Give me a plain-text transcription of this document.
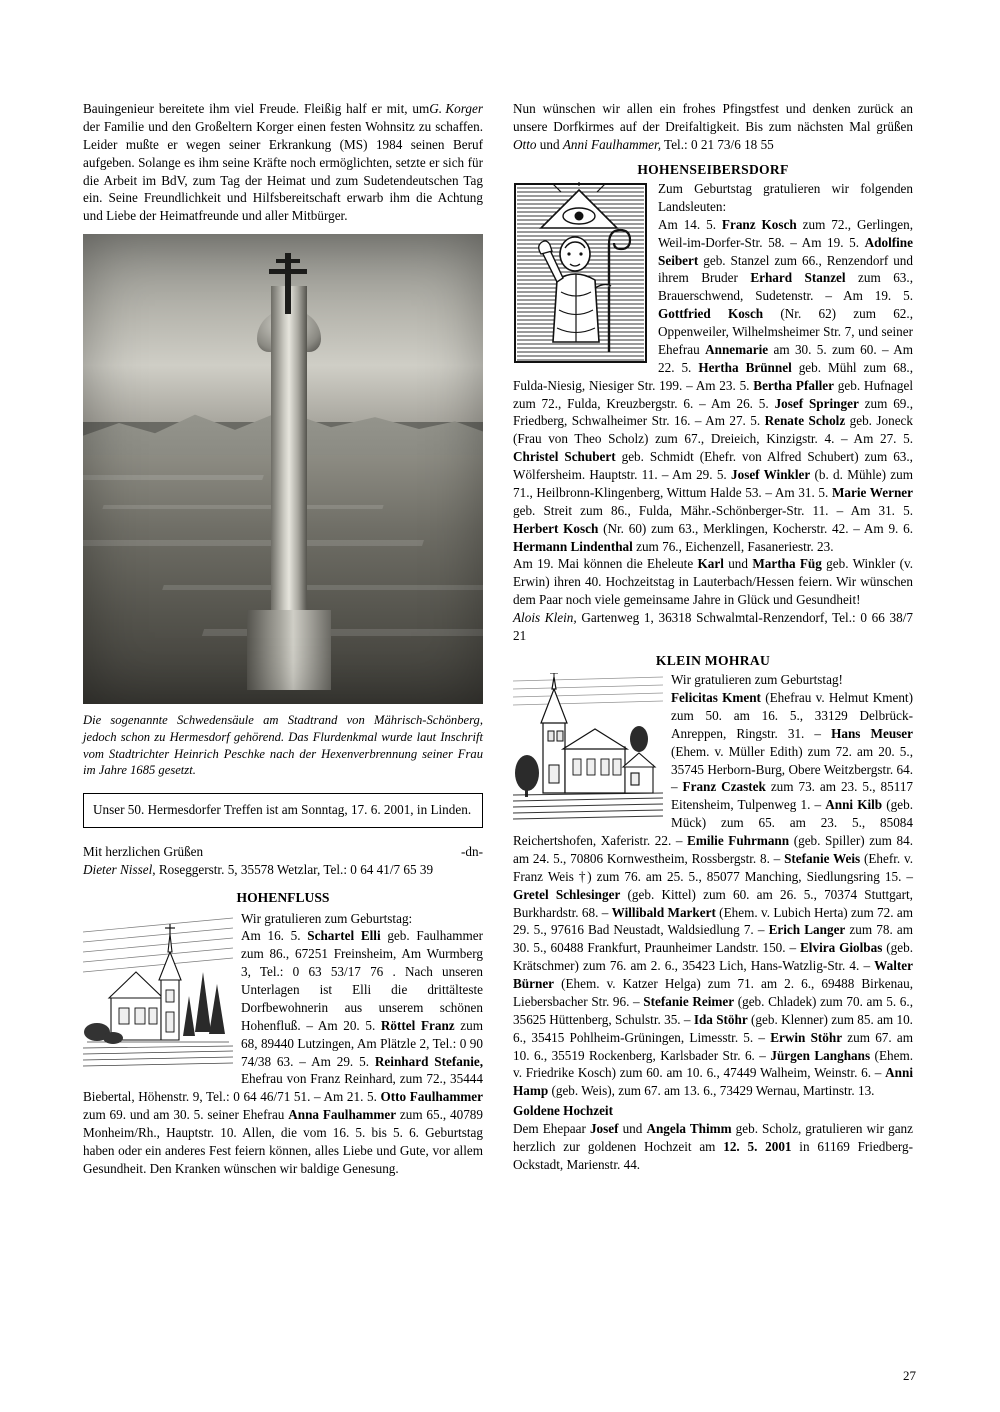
G. Korger
Bauingenieur bereitete ihm viel Freude. Fleißig half er mit, um der Familie und den Großeltern Korger einen festen Wohnsitz zu schaffen. Leider mußte er wegen seiner Erkrankung (MS) 1984 seinen Beruf aufgeben. Solange es ihm seine Kräfte noch ermöglichten, setzte er sich für die Arbeit im BdV, zum Tag der Heimat und zum Sudetendeutschen Tag ein. Seine Freundlichkeit und Hilfsbereitschaft erwarb ihm die Achtung und Liebe der Heimatfreunde und aller Mitbürger.

Die sogenannte Schwedensäule am Stadtrand von Mährisch-Schönberg, jedoch schon zu Hermesdorf gehörend. Das Flurdenkmal wurde laut Inschrift vom Stadtrichter Heinrich Peschke nach der Hexenverbrennung seiner Frau im Jahre 1685 gesetzt.

Unser 50. Hermesdorfer Treffen ist am Sonntag, 17. 6. 2001, in Linden.

-dn-
Mit herzlichen Grüßen

Dieter Nissel, Roseggerstr. 5, 35578 Wetzlar, Tel.: 0 64 41/7 65 39

HOHENFLUSS
Wir gratulieren zum Geburtstag:
Am 16. 5. Schartel Elli geb. Faulhammer zum 86., 67251 Freinsheim, Am Wurmberg 3, Tel.: 0 63 53/17 76 . Nach unseren Unterlagen ist Elli die drittälteste Dorfbewohnerin aus unserem schönen Hohenfluß. – Am 20. 5. Röttel Franz zum 68, 89440 Lutzingen, Am Plätzle 2, Tel.: 0 90 74/38 63. – Am 29. 5. Reinhard Stefanie, Ehefrau von Franz Reinhard, zum 72., 35444 Biebertal, Höhenstr. 9, Tel.: 0 64 46/71 51. – Am 21. 5. Otto Faulhammer zum 69. und am 30. 5. seiner Ehefrau Anna Faulhammer zum 65., 40789 Monheim/Rh., Hauptstr. 10. Allen, die vom 16. 5. bis 5. 6. Geburtstag haben oder ein anderes Fest feiern können, alles Liebe und Gute, vor allem Gesundheit. Den Kranken wünschen wir baldige Genesung.

Nun wünschen wir allen ein frohes Pfingstfest und denken zurück an unsere Dorfkirmes auf der Dreifaltigkeit. Bis zum nächsten Mal grüßen Otto und Anni Faulhammer, Tel.: 0 21 73/6 18 55

HOHENSEIBERSDORF
Zum Geburtstag gratulieren wir folgenden Landsleuten:
Am 14. 5. Franz Kosch zum 72., Gerlingen, Weil-im-Dorfer-Str. 58. – Am 19. 5. Adolfine Seibert geb. Stanzel zum 66., Renzendorf und ihrem Bruder Erhard Stanzel zum 63., Brauerschwend, Sudetenstr. – Am 19. 5. Gottfried Kosch (Nr. 62) zum 62., Oppenweiler, Wilhelmsheimer Str. 7, und seiner Ehefrau Annemarie am 30. 5. zum 60. – Am 22. 5. Hertha Brünnel geb. Mühl zum 68., Fulda-Niesig, Niesiger Str. 199. – Am 23. 5. Bertha Pfaller geb. Hufnagel zum 72., Fulda, Kreuzbergstr. 6. – Am 26. 5. Josef Springer zum 69., Friedberg, Schwalheimer Str. 16. – Am 27. 5. Renate Scholz geb. Joneck (Frau von Theo Scholz) zum 67., Dreieich, Kinzigstr. 4. – Am 27. 5. Christel Schubert geb. Schmidt (Ehefr. von Alfred Schubert) zum 63., Wölfersheim. Hauptstr. 11. – Am 29. 5. Josef Winkler (b. d. Mühle) zum 71., Heilbronn-Klingenberg, Wittum Halde 53. – Am 31. 5. Marie Werner geb. Streit zum 86., Fulda, Mähr.-Schönberger-Str. 11. – Am 31. 5. Herbert Kosch (Nr. 60) zum 63., Merklingen, Kocherstr. 42. – Am 9. 6. Hermann Lindenthal zum 76., Eichenzell, Fasaneriestr. 23.
Am 19. Mai können die Eheleute Karl und Martha Füg geb. Winkler (v. Erwin) ihren 40. Hochzeitstag in Lauterbach/Hessen feiern. Wir wünschen dem Paar noch viele gemeinsame Jahre in Glück und Gesundheit!

Alois Klein, Gartenweg 1, 36318 Schwalmtal-Renzendorf, Tel.: 0 66 38/7 21

KLEIN MOHRAU
Wir gratulieren zum Geburtstag!
Felicitas Kment (Ehefrau v. Helmut Kment) zum 50. am 16. 5., 33129 Delbrück-Anreppen, Ringstr. 31. – Hans Meuser (Ehem. v. Müller Edith) zum 72. am 20. 5., 35745 Herborn-Burg, Obere Weitzbergstr. 64. – Franz Czastek zum 73. am 23. 5., 85117 Eitensheim, Tulpenweg 1. – Anni Kilb (geb. Mück) zum 65. am 23. 5., 85084 Reichertshofen, Xaferistr. 22. – Emilie Fuhrmann (geb. Spiller) zum 84. am 24. 5., 70806 Kornwestheim, Rossbergstr. 8. – Stefanie Weis (Ehefr. v. Franz Weis †) zum 76. am 25. 5., 85077 Manching, Siedlungsring 15. – Gretel Schlesinger (geb. Kittel) zum 60. am 26. 5., 70374 Stuttgart, Burkhardstr. 68. – Willibald Markert (Ehem. v. Lubich Herta) zum 72. am 29. 5., 97616 Bad Neustadt, Waldsiedlung 7. – Erich Langer zum 78. am 30. 5., 60488 Frankfurt, Praunheimer Landstr. 150. – Elvira Giolbas (geb. Krätschmer) zum 76. am 2. 6., 35423 Lich, Hans-Watzlig-Str. 4. – Walter Bürner (Ehem. v. Katzer Helga) zum 71. am 2. 6., 69488 Birkenau, Liebersbacher Str. 96. – Stefanie Reimer (geb. Chladek) zum 70. am 5. 6., 35625 Hüttenberg, Schulstr. 35. – Ida Stöhr (geb. Klenner) zum 85. am 10. 6., 35415 Pohlheim-Grüningen, Limesstr. 5. – Erwin Stöhr zum 67. am 10. 6., 35519 Rockenberg, Karlsbader Str. 6. – Jürgen Langhans (Ehem. v. Friedrike Kosch) zum 60. am 10. 6., 47449 Walheim, Weinstr. 6. – Anni Hamp (geb. Weis), zum 67. am 13. 6., 73429 Wernau, Martinstr. 13.
Goldene Hochzeit

Dem Ehepaar Josef und Angela Thimm geb. Scholz, gratulieren wir ganz herzlich zur goldenen Hochzeit am 12. 5. 2001 in 61169 Friedberg-Ockstadt, Marienstr. 44.

27
